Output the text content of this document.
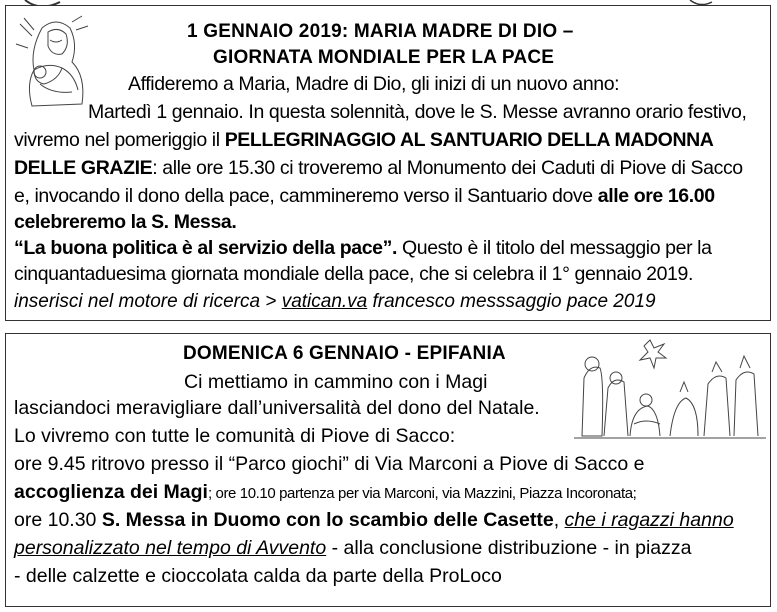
1 GENNAIO 2019: MARIA MADRE DI DIO –
GIORNATA MONDIALE PER LA PACE
Affideremo a Maria, Madre di Dio, gli inizi di un nuovo anno:
Martedì 1 gennaio. In questa solennità, dove le S. Messe avranno orario festivo,
vivremo nel pomeriggio il PELLEGRINAGGIO AL SANTUARIO DELLA MADONNA
DELLE GRAZIE: alle ore 15.30 ci troveremo al Monumento dei Caduti di Piove di Sacco
e, invocando il dono della pace, cammineremo verso il Santuario dove alle ore 16.00
celebreremo la S. Messa.
“La buona politica è al servizio della pace”. Questo è il titolo del messaggio per la
cinquantaduesima giornata mondiale della pace, che si celebra il 1° gennaio 2019.
inserisci nel motore di ricerca > vatican.va francesco messsaggio pace 2019
DOMENICA 6 GENNAIO - EPIFANIA
Ci mettiamo in cammino con i Magi
lasciandoci meravigliare dall’universalità del dono del Natale.
Lo vivremo con tutte le comunità di Piove di Sacco:
ore 9.45 ritrovo presso il “Parco giochi” di Via Marconi a Piove di Sacco e
accoglienza dei Magi; ore 10.10 partenza per via Marconi, via Mazzini, Piazza Incoronata;
ore 10.30 S. Messa in Duomo con lo scambio delle Casette, che i ragazzi hanno
personalizzato nel tempo di Avvento - alla conclusione distribuzione - in piazza
- delle calzette e cioccolata calda da parte della ProLoco
